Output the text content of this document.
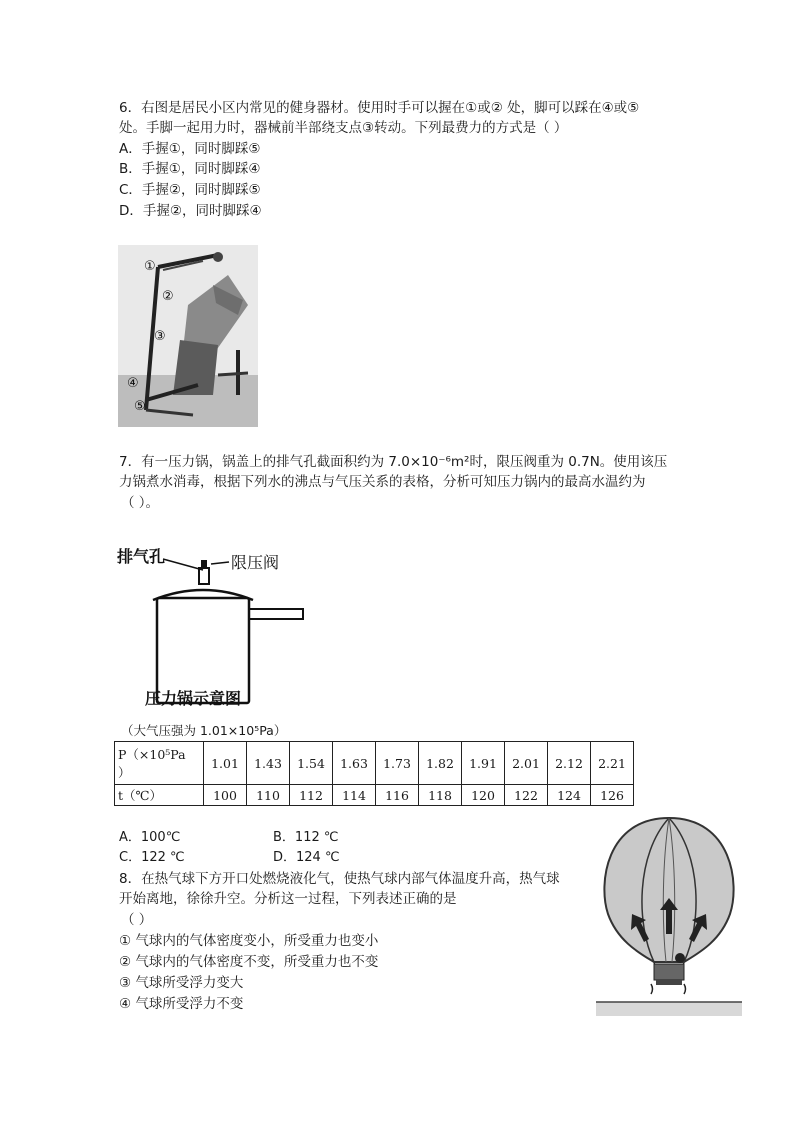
6．右图是居民小区内常见的健身器材。使用时手可以握在①或② 处，脚可以踩在④或⑤
处。手脚一起用力时，器械前半部绕支点③转动。下列最费力的方式是（ ）
A．手握①，同时脚踩⑤
B．手握①，同时脚踩④
C．手握②，同时脚踩⑤
D．手握②，同时脚踩④
①
②
③
④
⑤
7．有一压力锅，锅盖上的排气孔截面积约为 7.0×10⁻⁶m²时，限压阀重为 0.7N。使用该压
力锅煮水消毒，根据下列水的沸点与气压关系的表格，分析可知压力锅内的最高水温约为
（ ）。
排气孔	限压阀
压力锅示意图
（大气压强为 1.01×10⁵Pa）
P（×10⁵Pa
）	1.01	1.43	1.54	1.63	1.73	1.82	1.91	2.01	2.12	2.21
t（℃）	100	110	112	114	116	118	120	122	124	126
A．100℃	B．112 ℃
C．122 ℃	D．124 ℃
8．在热气球下方开口处燃烧液化气，使热气球内部气体温度升高，热气球
开始离地，徐徐升空。分析这一过程，下列表述正确的是
（ ）
① 气球内的气体密度变小，所受重力也变小
② 气球内的气体密度不变，所受重力也不变
③ 气球所受浮力变大
④ 气球所受浮力不变
